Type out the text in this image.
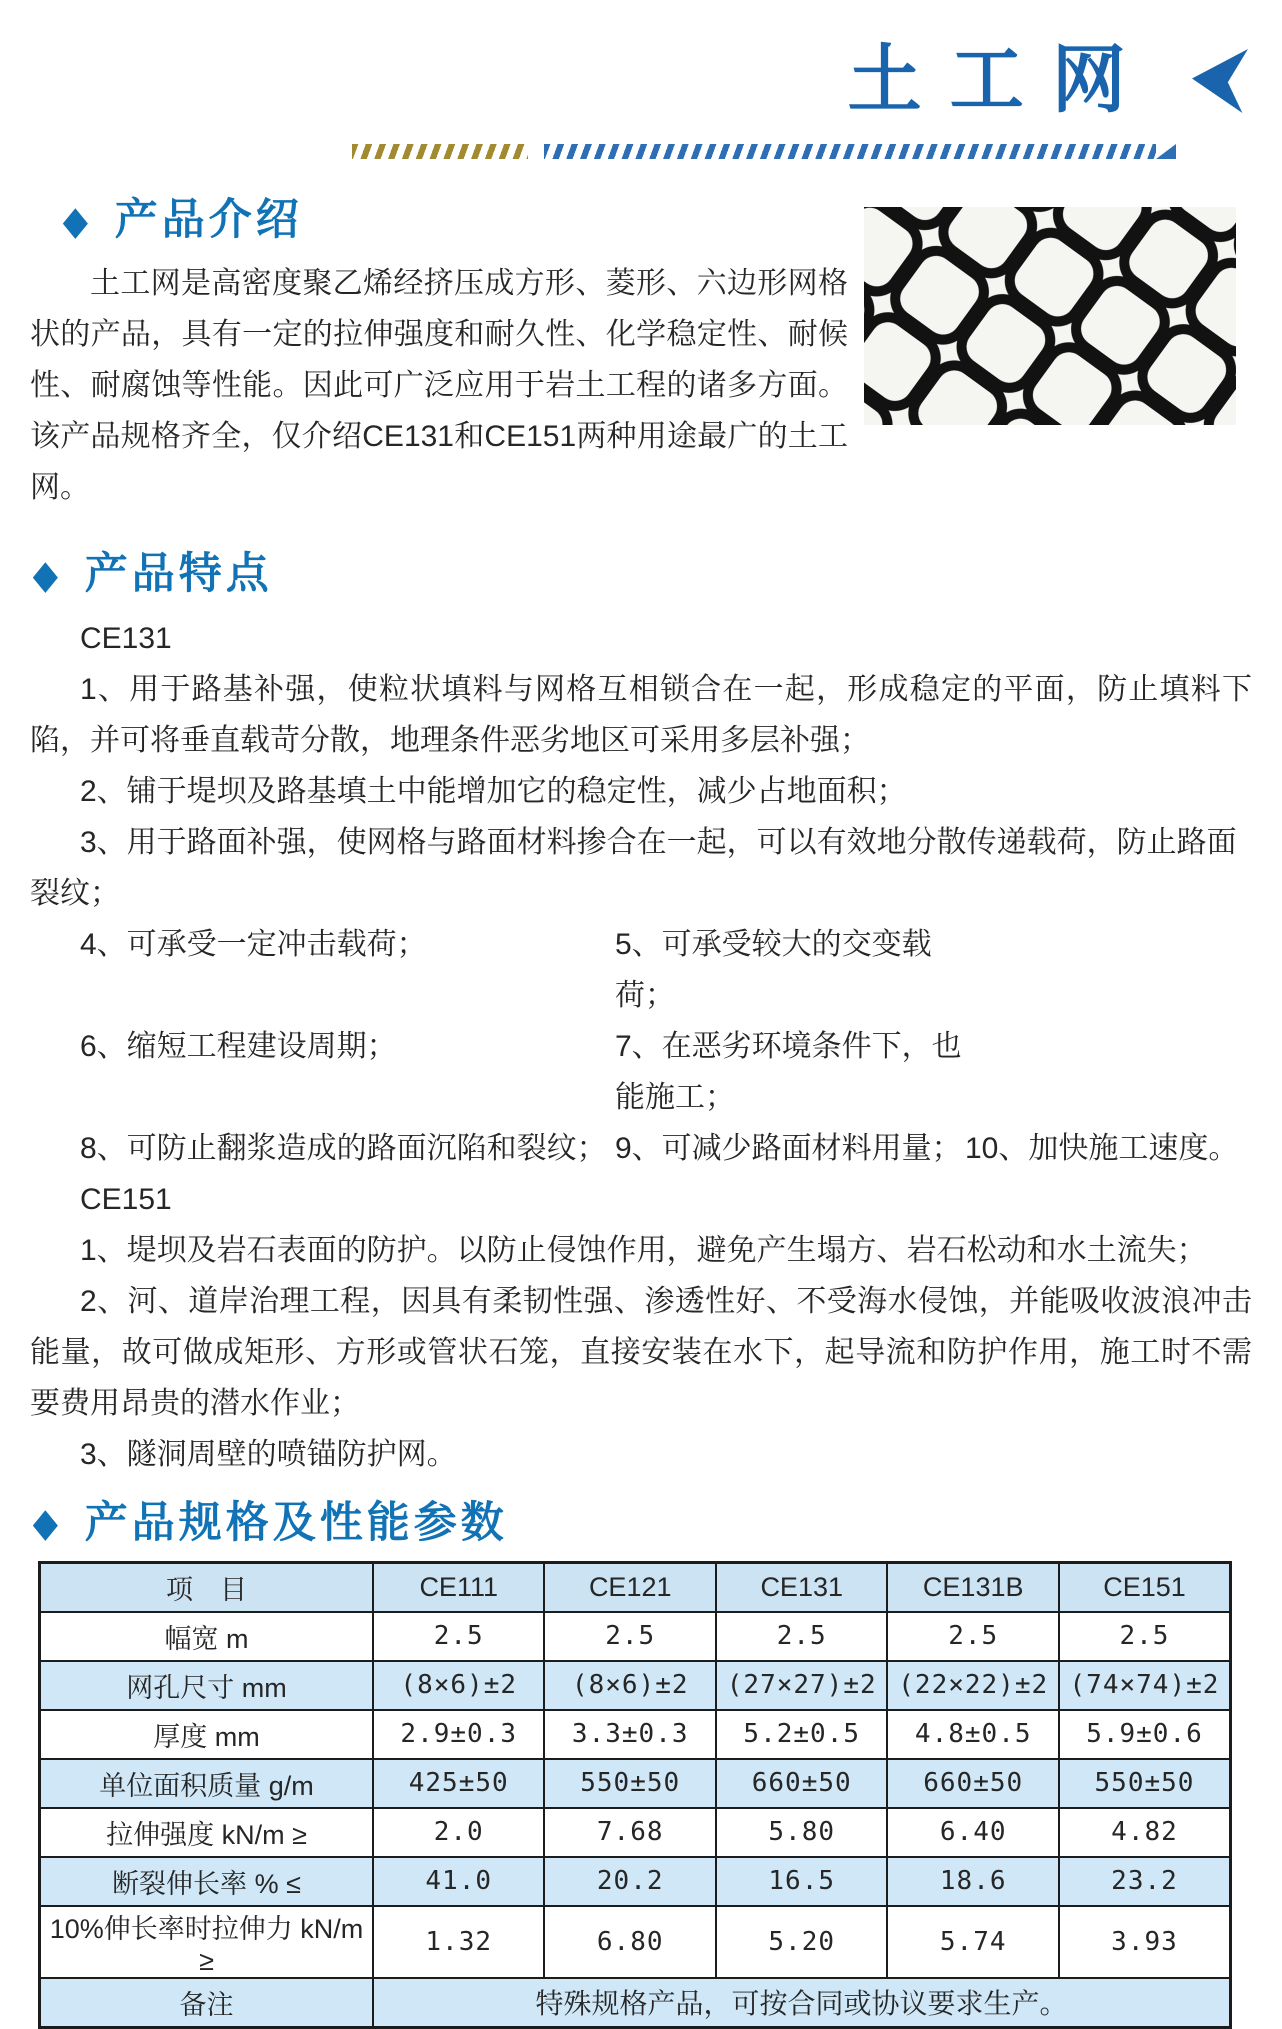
土工网
◆ 产品介绍

土工网是高密度聚乙烯经挤压成方形、菱形、六边形网格状的产品，具有一定的拉伸强度和耐久性、化学稳定性、耐候性、耐腐蚀等性能。因此可广泛应用于岩土工程的诸多方面。该产品规格齐全，仅介绍CE131和CE151两种用途最广的土工网。

◆ 产品特点

CE131

1、用于路基补强，使粒状填料与网格互相锁合在一起，形成稳定的平面，防止填料下陷，并可将垂直载苛分散，地理条件恶劣地区可采用多层补强；

2、铺于堤坝及路基填土中能增加它的稳定性，减少占地面积；

3、用于路面补强，使网格与路面材料掺合在一起，可以有效地分散传递载荷，防止路面裂纹；

4、可承受一定冲击载荷；	5、可承受较大的交变载荷；
6、缩短工程建设周期；	7、在恶劣环境条件下，也能施工；
8、可防止翻浆造成的路面沉陷和裂纹； 9、可减少路面材料用量； 10、加快施工速度。

CE151

1、堤坝及岩石表面的防护。以防止侵蚀作用，避免产生塌方、岩石松动和水土流失；

2、河、道岸治理工程，因具有柔韧性强、渗透性好、不受海水侵蚀，并能吸收波浪冲击能量，故可做成矩形、方形或管状石笼，直接安装在水下，起导流和防护作用，施工时不需要费用昂贵的潜水作业；

3、隧洞周壁的喷锚防护网。

◆ 产品规格及性能参数
项　目	CE111	CE121	CE131	CE131B	CE151
幅宽 m	2.5	2.5	2.5	2.5	2.5
网孔尺寸 mm	(8×6)±2	(8×6)±2	(27×27)±2	(22×22)±2	(74×74)±2
厚度 mm	2.9±0.3	3.3±0.3	5.2±0.5	4.8±0.5	5.9±0.6
单位面积质量 g/m	425±50	550±50	660±50	660±50	550±50
拉伸强度 kN/m ≥	2.0	7.68	5.80	6.40	4.82
断裂伸长率 % ≤	41.0	20.2	16.5	18.6	23.2
10%伸长率时拉伸力 kN/m ≥	1.32	6.80	5.20	5.74	3.93
备注	特殊规格产品，可按合同或协议要求生产。				
